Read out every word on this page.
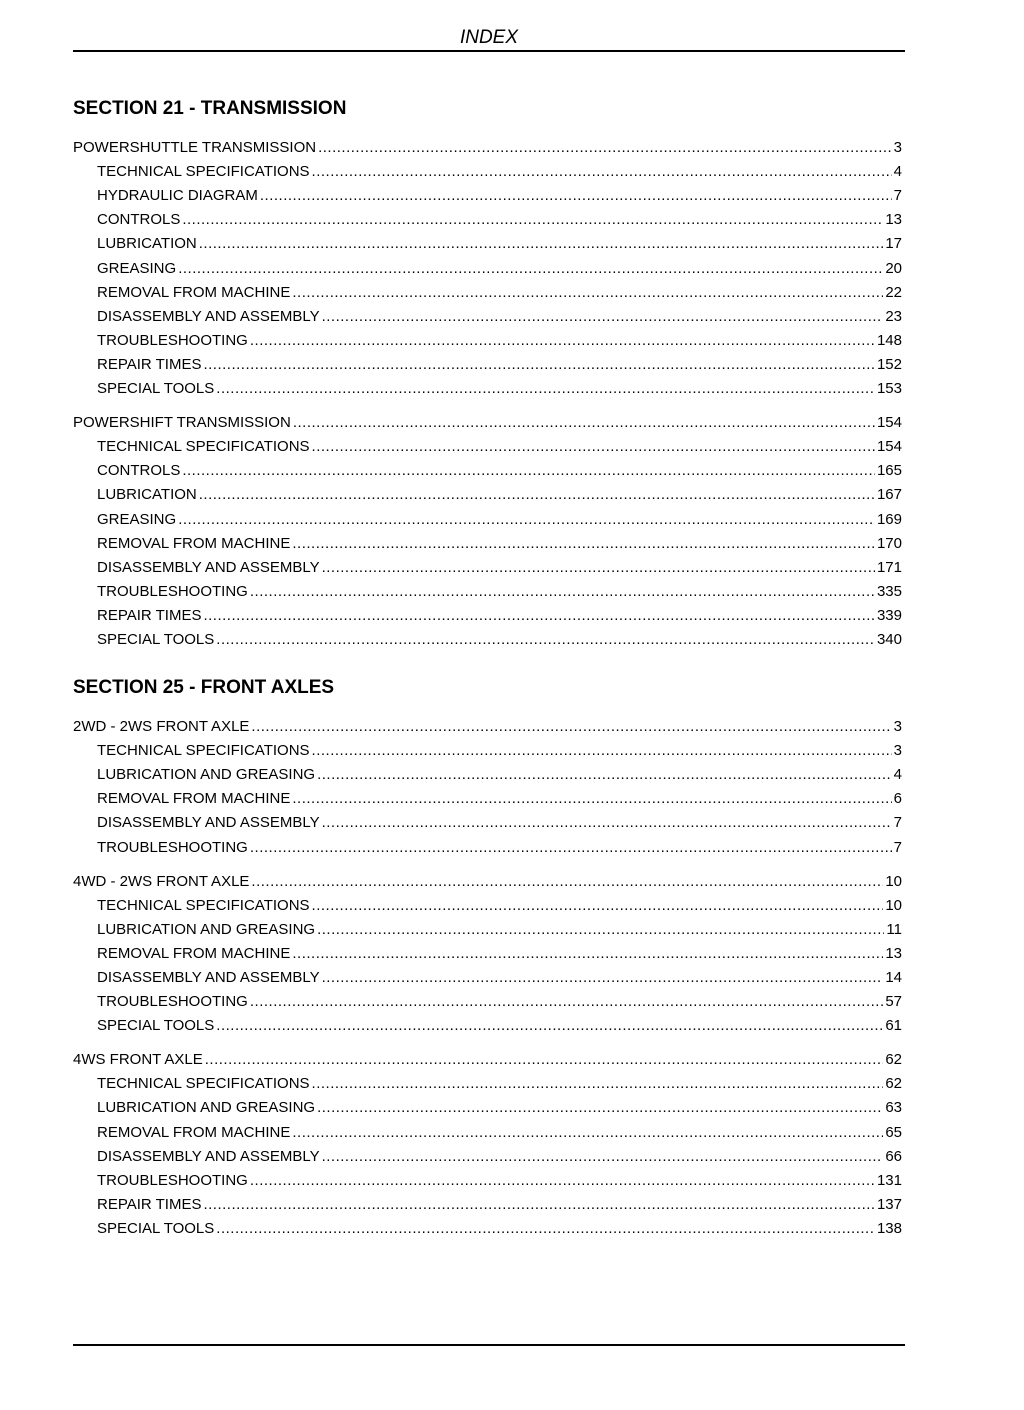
INDEX
SECTION 21 - TRANSMISSION
POWERSHUTTLE TRANSMISSION .....	3
TECHNICAL SPECIFICATIONS .....	4
HYDRAULIC DIAGRAM .....	7
CONTROLS .....	13
LUBRICATION .....	17
GREASING .....	20
REMOVAL FROM MACHINE .....	22
DISASSEMBLY AND ASSEMBLY .....	23
TROUBLESHOOTING .....	148
REPAIR TIMES .....	152
SPECIAL TOOLS .....	153
POWERSHIFT TRANSMISSION .....	154
TECHNICAL SPECIFICATIONS .....	154
CONTROLS .....	165
LUBRICATION .....	167
GREASING .....	169
REMOVAL FROM MACHINE .....	170
DISASSEMBLY AND ASSEMBLY .....	171
TROUBLESHOOTING .....	335
REPAIR TIMES .....	339
SPECIAL TOOLS .....	340
SECTION 25 - FRONT AXLES
2WD - 2WS FRONT AXLE .....	3
TECHNICAL SPECIFICATIONS .....	3
LUBRICATION AND GREASING .....	4
REMOVAL FROM MACHINE .....	6
DISASSEMBLY AND ASSEMBLY .....	7
TROUBLESHOOTING .....	7
4WD - 2WS FRONT AXLE .....	10
TECHNICAL SPECIFICATIONS .....	10
LUBRICATION AND GREASING .....	11
REMOVAL FROM MACHINE .....	13
DISASSEMBLY AND ASSEMBLY .....	14
TROUBLESHOOTING .....	57
SPECIAL TOOLS .....	61
4WS FRONT AXLE .....	62
TECHNICAL SPECIFICATIONS .....	62
LUBRICATION AND GREASING .....	63
REMOVAL FROM MACHINE .....	65
DISASSEMBLY AND ASSEMBLY .....	66
TROUBLESHOOTING .....	131
REPAIR TIMES .....	137
SPECIAL TOOLS .....	138
